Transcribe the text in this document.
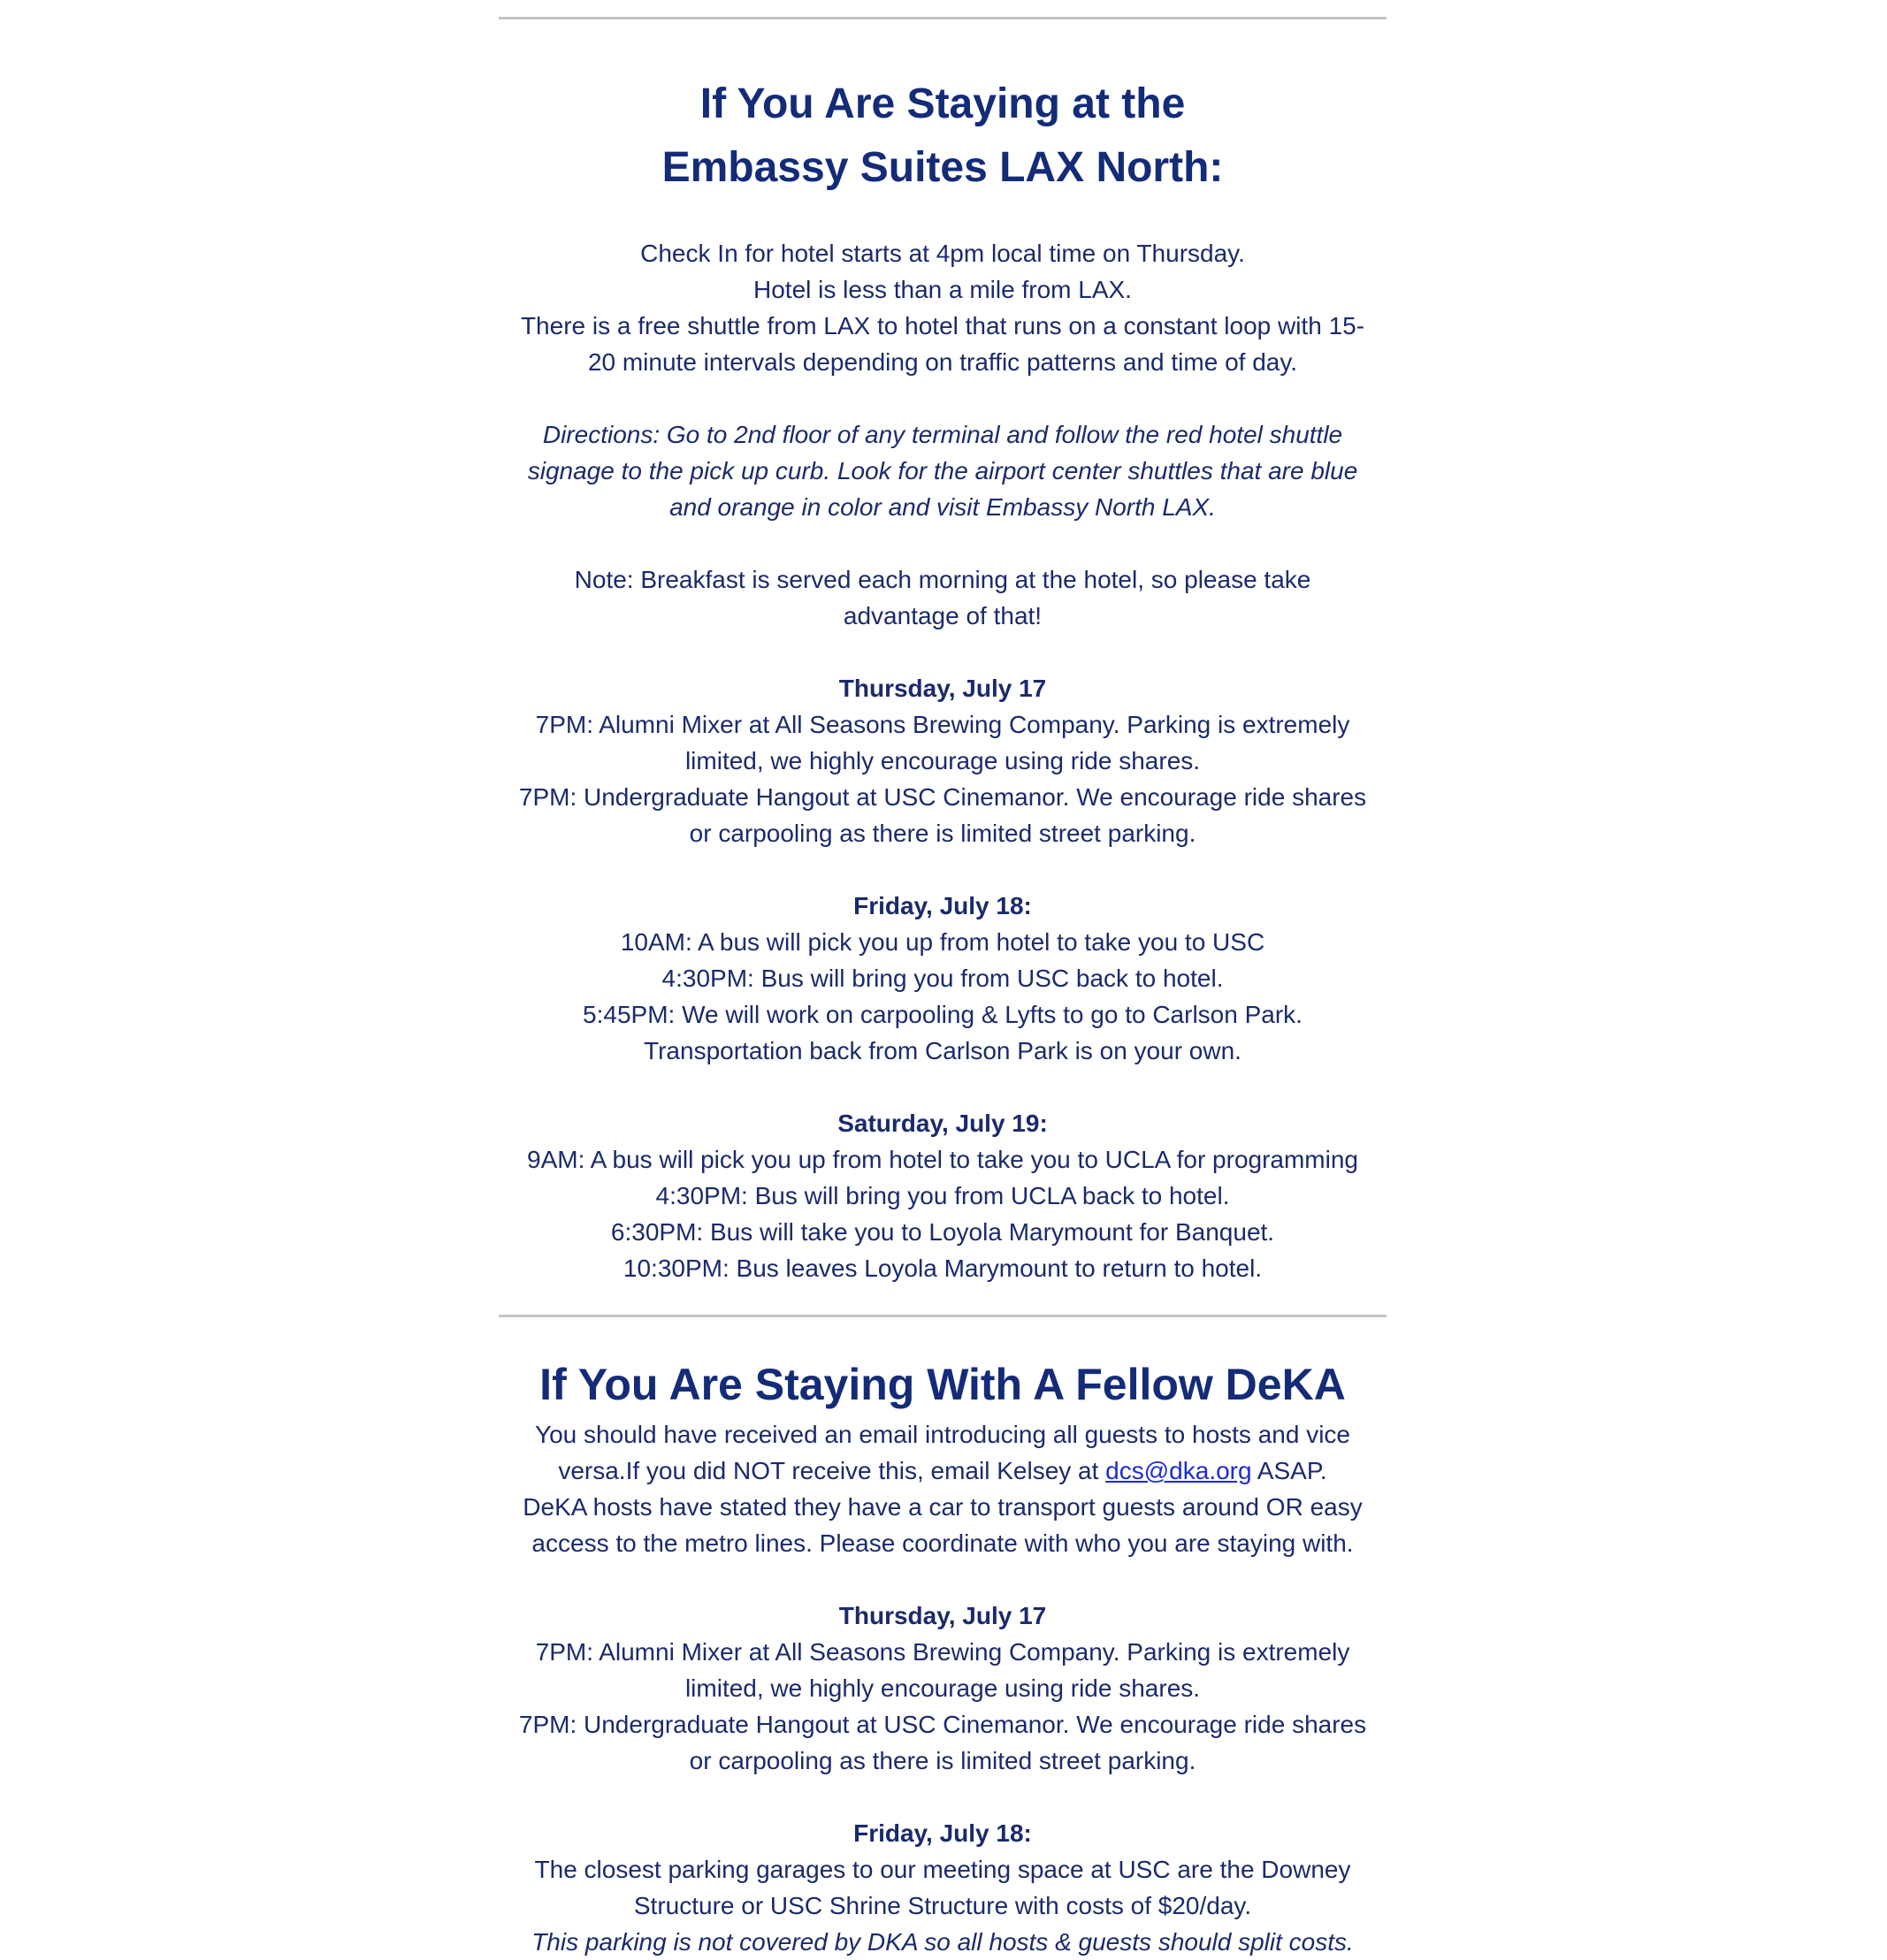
If You Are Staying at the
Embassy Suites LAX North:

Check In for hotel starts at 4pm local time on Thursday.

Hotel is less than a mile from LAX.

There is a free shuttle from LAX to hotel that runs on a constant loop with 15-

20 minute intervals depending on traffic patterns and time of day.

Directions: Go to 2nd floor of any terminal and follow the red hotel shuttle

signage to the pick up curb. Look for the airport center shuttles that are blue

and orange in color and visit Embassy North LAX.

Note: Breakfast is served each morning at the hotel, so please take

advantage of that!

Thursday, July 17

7PM: Alumni Mixer at All Seasons Brewing Company. Parking is extremely

limited, we highly encourage using ride shares.

7PM: Undergraduate Hangout at USC Cinemanor. We encourage ride shares

or carpooling as there is limited street parking.

Friday, July 18:

10AM: A bus will pick you up from hotel to take you to USC

4:30PM: Bus will bring you from USC back to hotel.

5:45PM: We will work on carpooling & Lyfts to go to Carlson Park.

Transportation back from Carlson Park is on your own.

Saturday, July 19:

9AM: A bus will pick you up from hotel to take you to UCLA for programming

4:30PM: Bus will bring you from UCLA back to hotel.

6:30PM: Bus will take you to Loyola Marymount for Banquet.

10:30PM: Bus leaves Loyola Marymount to return to hotel.

If You Are Staying With A Fellow DeKA

You should have received an email introducing all guests to hosts and vice

versa.If you did NOT receive this, email Kelsey at dcs@dka.org ASAP.

DeKA hosts have stated they have a car to transport guests around OR easy

access to the metro lines. Please coordinate with who you are staying with.

Thursday, July 17

7PM: Alumni Mixer at All Seasons Brewing Company. Parking is extremely

limited, we highly encourage using ride shares.

7PM: Undergraduate Hangout at USC Cinemanor. We encourage ride shares

or carpooling as there is limited street parking.

Friday, July 18:

The closest parking garages to our meeting space at USC are the Downey

Structure or USC Shrine Structure with costs of $20/day.

This parking is not covered by DKA so all hosts & guests should split costs.
